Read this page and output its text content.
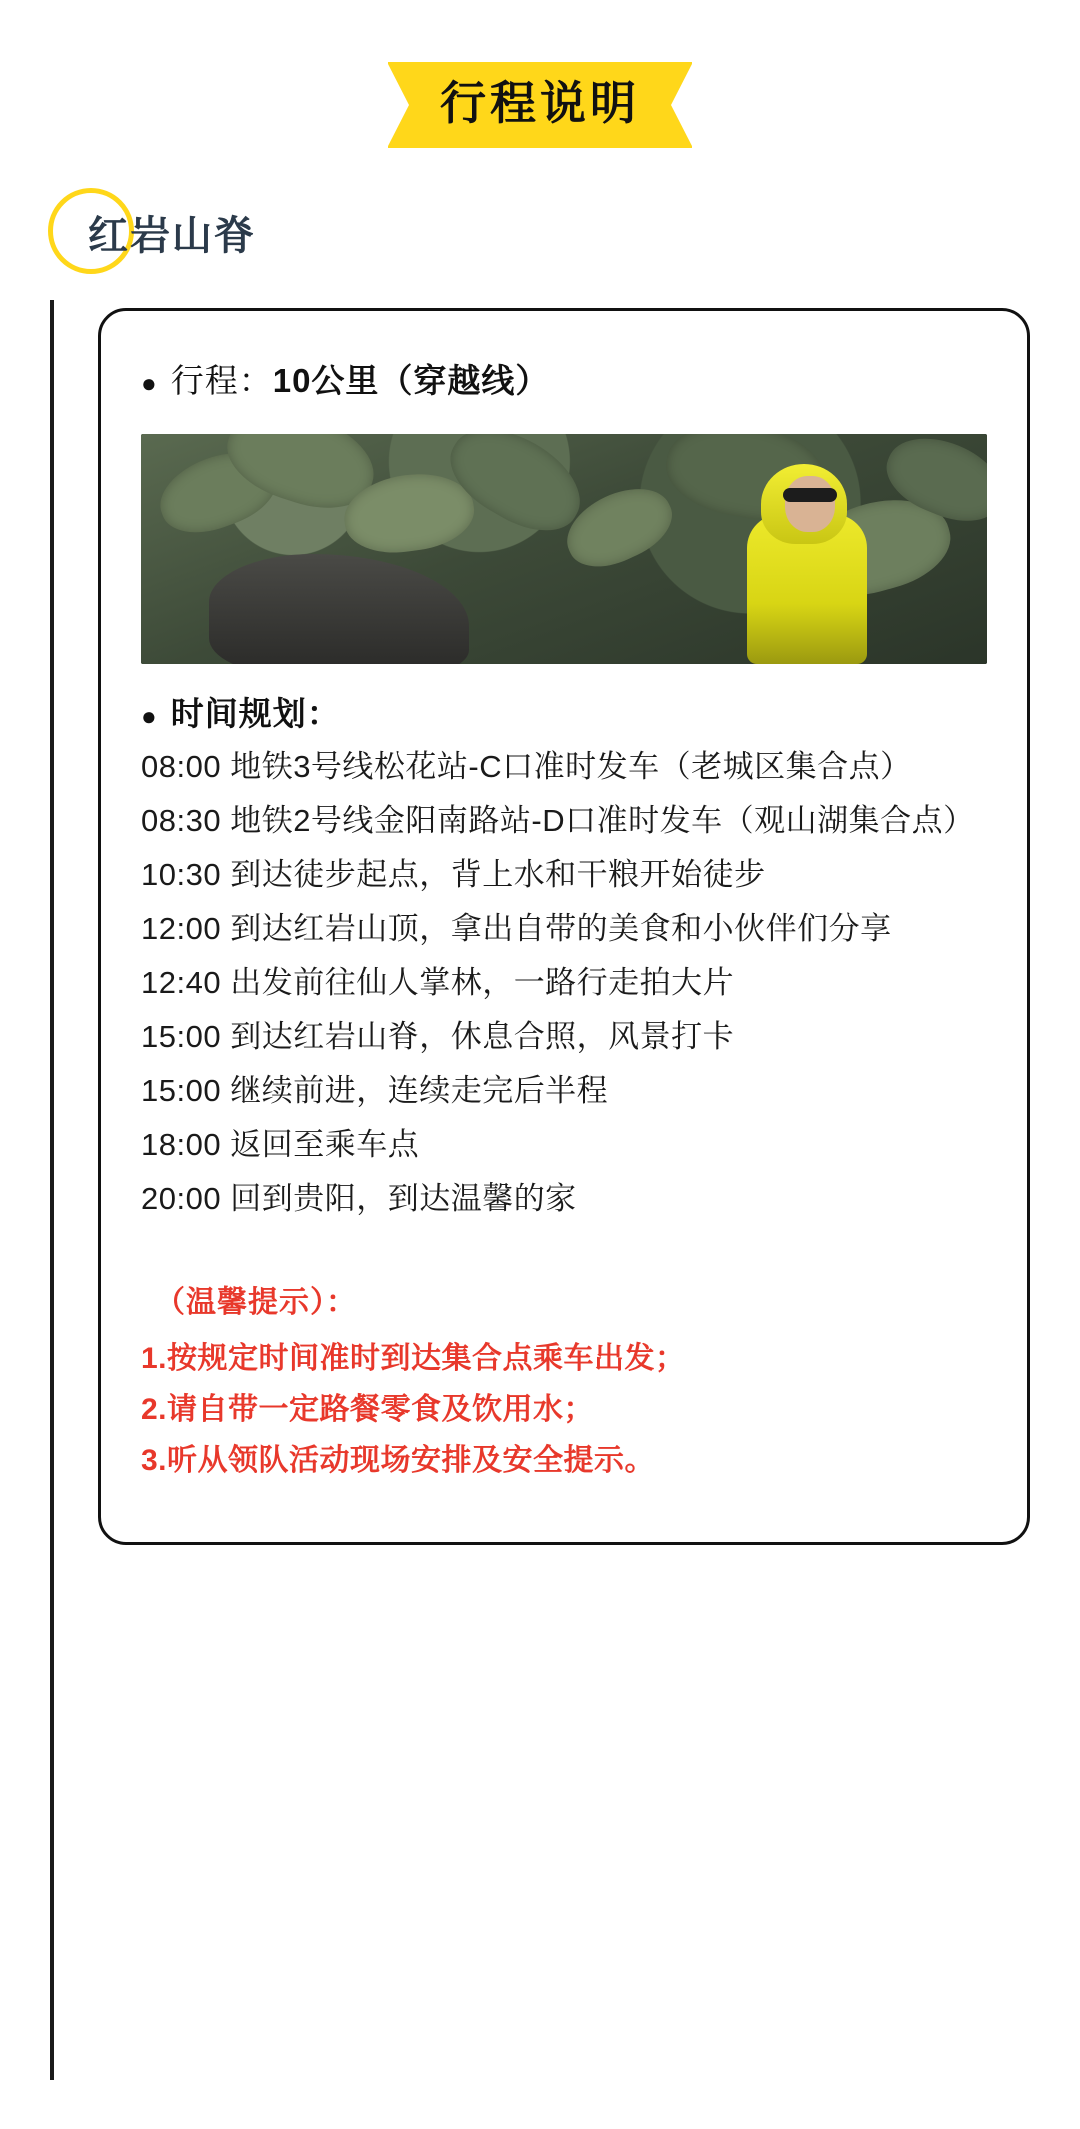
行程说明
红岩山脊
● 行程： 10公里（穿越线）
● 时间规划：
08:00 地铁3号线松花站-C口准时发车（老城区集合点）
08:30 地铁2号线金阳南路站-D口准时发车（观山湖集合点）
10:30 到达徒步起点，背上水和干粮开始徒步
12:00 到达红岩山顶，拿出自带的美食和小伙伴们分享
12:40 出发前往仙人掌林，一路行走拍大片
15:00 到达红岩山脊，休息合照，风景打卡
15:00 继续前进，连续走完后半程
18:00 返回至乘车点
20:00 回到贵阳，到达温馨的家
（温馨提示）：
1.按规定时间准时到达集合点乘车出发；
2.请自带一定路餐零食及饮用水；
3.听从领队活动现场安排及安全提示。
